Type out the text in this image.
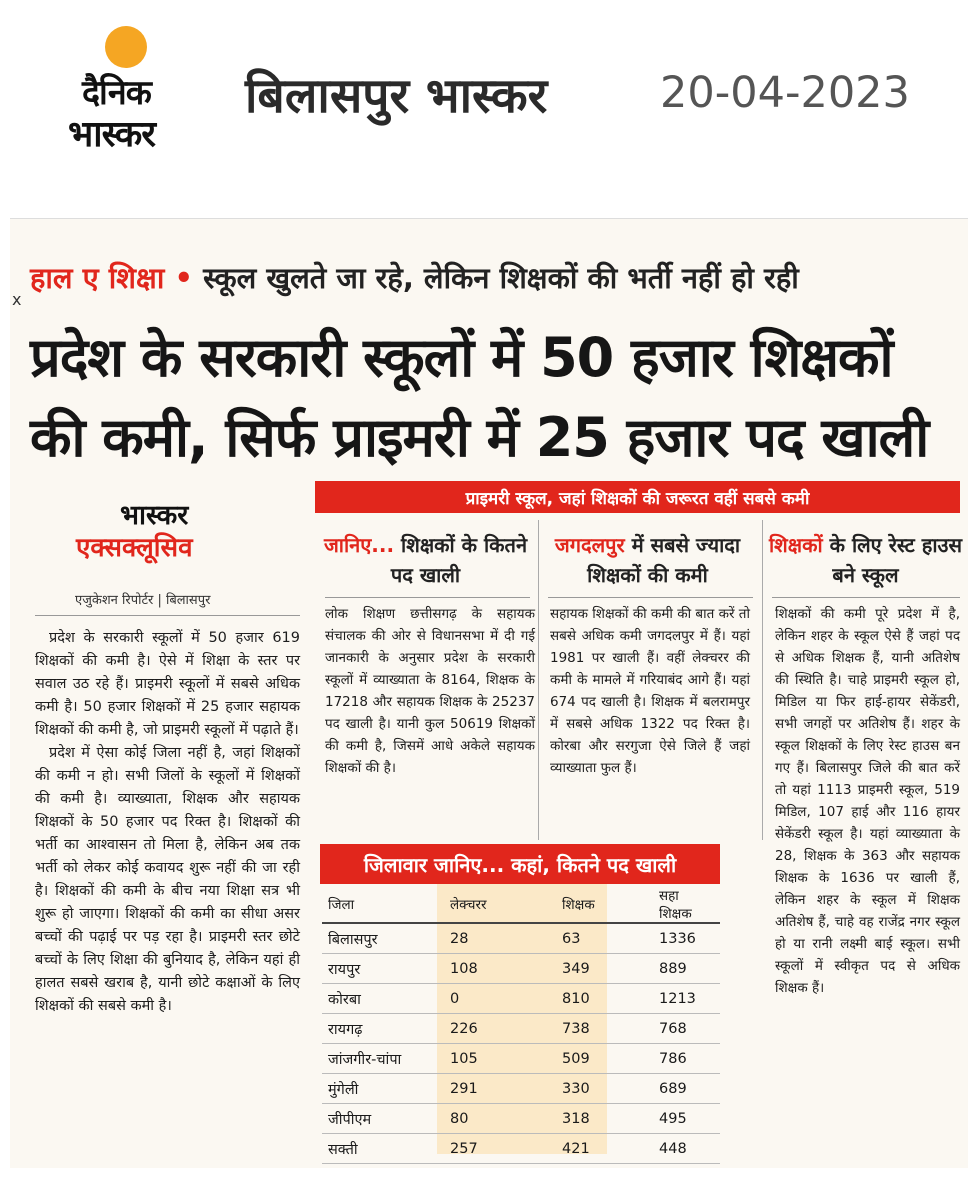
दैनिक
भास्कर
बिलासपुर भास्कर	20-04-2023
x
हाल ए शिक्षा • स्कूल खुलते जा रहे, लेकिन शिक्षकों की भर्ती नहीं हो रही
प्रदेश के सरकारी स्कूलों में 50 हजार शिक्षकों
की कमी, सिर्फ प्राइमरी में 25 हजार पद खाली
भास्कर
एक्सक्लूसिव
एजुकेशन रिपोर्टर | बिलासपुर

प्रदेश के सरकारी स्कूलों में 50 हजार 619 शिक्षकों की कमी है। ऐसे में शिक्षा के स्तर पर सवाल उठ रहे हैं। प्राइमरी स्कूलों में सबसे अधिक कमी है। 50 हजार शिक्षकों में 25 हजार सहायक शिक्षकों की कमी है, जो प्राइमरी स्कूलों में पढ़ाते हैं।

प्रदेश में ऐसा कोई जिला नहीं है, जहां शिक्षकों की कमी न हो। सभी जिलों के स्कूलों में शिक्षकों की कमी है। व्याख्याता, शिक्षक और सहायक शिक्षकों के 50 हजार पद रिक्त है। शिक्षकों की भर्ती का आश्वासन तो मिला है, लेकिन अब तक भर्ती को लेकर कोई कवायद शुरू नहीं की जा रही है। शिक्षकों की कमी के बीच नया शिक्षा सत्र भी शुरू हो जाएगा। शिक्षकों की कमी का सीधा असर बच्चों की पढ़ाई पर पड़ रहा है। प्राइमरी स्तर छोटे बच्चों के लिए शिक्षा की बुनियाद है, लेकिन यहां ही हालत सबसे खराब है, यानी छोटे कक्षाओं के लिए शिक्षकों की सबसे कमी है।

प्राइमरी स्कूल, जहां शिक्षकों की जरूरत वहीं सबसे कमी
जानिए... शिक्षकों के कितने पद खाली
जगदलपुर में सबसे ज्यादा शिक्षकों की कमी
शिक्षकों के लिए रेस्ट हाउस बने स्कूल
लोक शिक्षण छत्तीसगढ़ के सहायक संचालक की ओर से विधानसभा में दी गई जानकारी के अनुसार प्रदेश के सरकारी स्कूलों में व्याख्याता के 8164, शिक्षक के 17218 और सहायक शिक्षक के 25237 पद खाली है। यानी कुल 50619 शिक्षकों की कमी है, जिसमें आधे अकेले सहायक शिक्षकों की है।
सहायक शिक्षकों की कमी की बात करें तो सबसे अधिक कमी जगदलपुर में हैं। यहां 1981 पर खाली हैं। वहीं लेक्चरर की कमी के मामले में गरियाबंद आगे हैं। यहां 674 पद खाली है। शिक्षक में बलरामपुर में सबसे अधिक 1322 पद रिक्त है। कोरबा और सरगुजा ऐसे जिले हैं जहां व्याख्याता फुल हैं।
शिक्षकों की कमी पूरे प्रदेश में है, लेकिन शहर के स्कूल ऐसे हैं जहां पद से अधिक शिक्षक हैं, यानी अतिशेष की स्थिति है। चाहे प्राइमरी स्कूल हो, मिडिल या फिर हाई-हायर सेकेंडरी, सभी जगहों पर अतिशेष हैं। शहर के स्कूल शिक्षकों के लिए रेस्ट हाउस बन गए हैं। बिलासपुर जिले की बात करें तो यहां 1113 प्राइमरी स्कूल, 519 मिडिल, 107 हाई और 116 हायर सेकेंडरी स्कूल है। यहां व्याख्याता के 28, शिक्षक के 363 और सहायक शिक्षक के 1636 पर खाली हैं, लेकिन शहर के स्कूल में शिक्षक अतिशेष हैं, चाहे वह राजेंद्र नगर स्कूल हो या रानी लक्ष्मी बाई स्कूल। सभी स्कूलों में स्वीकृत पद से अधिक शिक्षक हैं।
जिलावार जानिए... कहां, कितने पद खाली
जिला	लेक्चरर	शिक्षक	सहा शिक्षक
बिलासपुर	28	63	1336
रायपुर	108	349	889
कोरबा	0	810	1213
रायगढ़	226	738	768
जांजगीर-चांपा	105	509	786
मुंगेली	291	330	689
जीपीएम	80	318	495
सक्ती	257	421	448
